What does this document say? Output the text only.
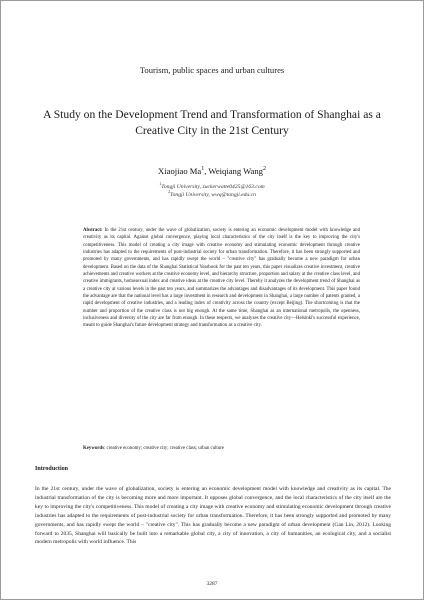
Tourism, public spaces and urban cultures
A Study on the Development Trend and Transformation of Shanghai as a Creative City in the 21st Century
Xiaojiao Ma$^1$, Weiqiang Wang$^2$
$^1$Tongji University, zuckerwatte0425@163.com
$^2$Tongji University, wwq@tongji.edu.cn

Abstract: In the 21st century, under the wave of globalization, society is entering an economic development model with knowledge and creativity as its capital. Against global convergence, playing local characteristics of the city itself is the key to improving the city's competitiveness. This model of creating a city image with creative economy and stimulating economic development through creative industries has adapted to the requirements of post-industrial society for urban transformation. Therefore, it has been strongly supported and promoted by many governments, and has rapidly swept the world – "creative city" has gradually become a new paradigm for urban development. Based on the data of the Shanghai Statistical Yearbook for the past ten years, this paper visualizes creative investment, creative achievements and creative workers at the creative economy level, and hierarchy structure, proportion and salary at the creative class level, and creative immigrants, homosexual index and creative ideas at the creative city level. Thereby it analyzes the development trend of Shanghai as a creative city at various levels in the past ten years, and summarizes the advantages and disadvantages of its development. This paper found the advantage are that the national level has a large investment in research and development in Shanghai, a large number of patents granted, a rapid development of creative industries, and a leading index of creativity across the country (except Beijing). The shortcoming is that the number and proportion of the creative class is not big enough. At the same time, Shanghai as an international metropolis, the openness, inclusiveness and diversity of the city are far from enough. In these respects, we analyzes the creative city—Helsinki's successful experience, meant to guide Shanghai's future development strategy and transformation as a creative city.

Keywords: creative economy; creative city; creative class; urban culture
Introduction

In the 21st century, under the wave of globalization, society is entering an economic development model with knowledge and creativity as its capital. The industrial transformation of the city is becoming more and more important. It opposes global convergence, and the local characteristics of the city itself are the key to improving the city's competitiveness. This model of creating a city image with creative economy and stimulating economic development through creative industries has adapted to the requirements of post-industrial society for urban transformation. Therefore, it has been strongly supported and promoted by many governments, and has rapidly swept the world – "creative city". This has gradually become a new paradigm of urban development (Gan Lin, 2012). Looking forward to 2035, Shanghai will basically be built into a remarkable global city, a city of innovation, a city of humanities, an ecological city, and a socialist modern metropolis with world influence. This

3287
